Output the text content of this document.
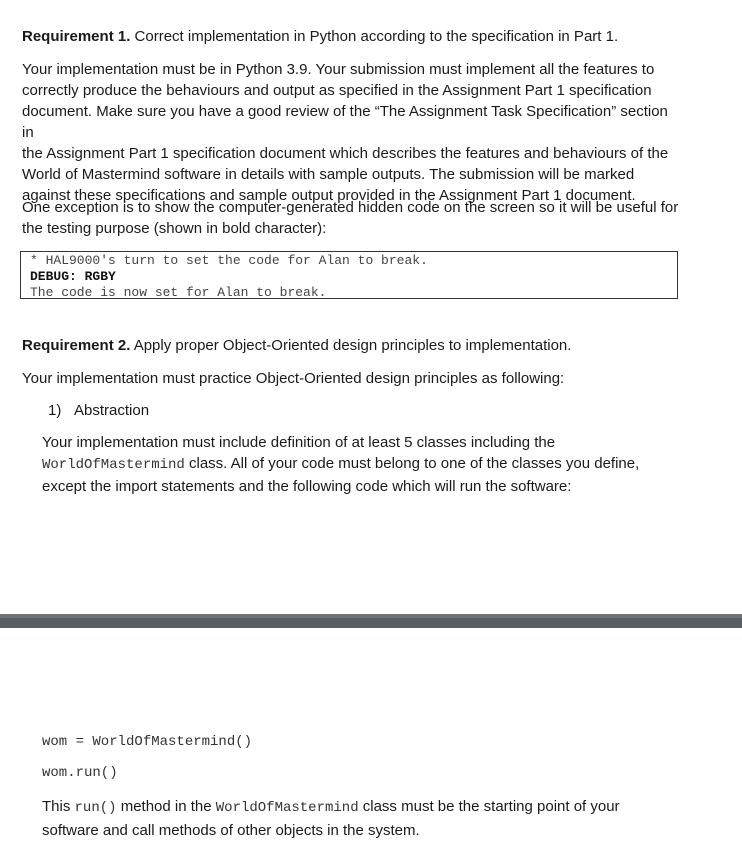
Requirement 1. Correct implementation in Python according to the specification in Part 1.

Your implementation must be in Python 3.9. Your submission must implement all the features to
correctly produce the behaviours and output as specified in the Assignment Part 1 specification
document. Make sure you have a good review of the “The Assignment Task Specification” section in
the Assignment Part 1 specification document which describes the features and behaviours of the
World of Mastermind software in details with sample outputs. The submission will be marked
against these specifications and sample output provided in the Assignment Part 1 document.
One exception is to show the computer-generated hidden code on the screen so it will be useful for
the testing purpose (shown in bold character):
* HAL9000's turn to set the code for Alan to break.
DEBUG: RGBY
The code is now set for Alan to break.

Requirement 2. Apply proper Object-Oriented design principles to implementation.

Your implementation must practice Object-Oriented design principles as following:

1) Abstraction
Your implementation must include definition of at least 5 classes including the
WorldOfMastermind class. All of your code must belong to one of the classes you define,
except the import statements and the following code which will run the software:
wom = WorldOfMastermind()
wom.run()
This run() method in the WorldOfMastermind class must be the starting point of your
software and call methods of other objects in the system.
